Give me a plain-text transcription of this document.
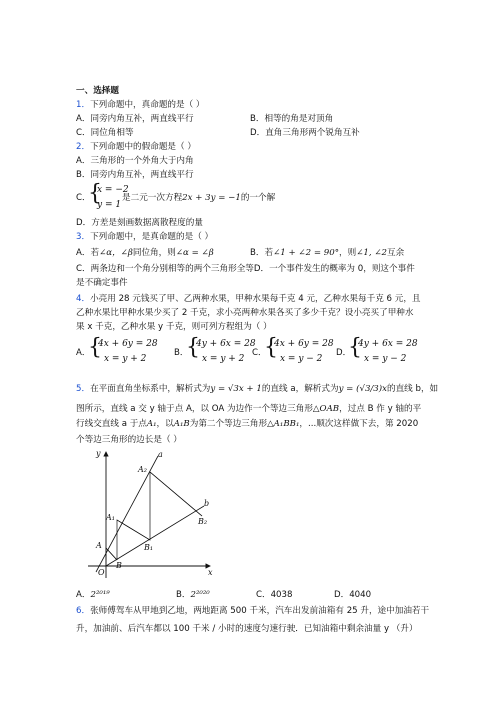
一、选择题
1．下列命题中，真命题的是（ ）
A．同旁内角互补，两直线平行	B．相等的角是对顶角
C．同位角相等	D．直角三角形两个锐角互补
2．下列命题中的假命题是（ ）
A．三角形的一个外角大于内角
B．同旁内角互补，两直线平行
C．
{
x = −2
y = 1
是二元一次方程2x + 3y = −1的一个解
D．方差是刻画数据离散程度的量
3．下列命题中，是真命题的是（ ）
A．若∠α，∠β同位角，则∠α = ∠β	B．若∠1 + ∠2 = 90°，则∠1, ∠2互余
C．两条边和一个角分别相等的两个三角形全等D．一个事件发生的概率为 0，则这个事件
是不确定事件
4．小亮用 28 元钱买了甲、乙两种水果，甲种水果每千克 4 元，乙种水果每千克 6 元，且
乙种水果比甲种水果少买了 2 千克，求小亮两种水果各买了多少千克？设小亮买了甲种水
果 x 千克，乙种水果 y 千克，则可列方程组为（ ）
A．
{
4x + 6y = 28
x = y + 2
B．
{
4y + 6x = 28
x = y + 2
C．
{
4x + 6y = 28
x = y − 2
D．
{
4y + 6x = 28
x = y − 2
5．在平面直角坐标系中，解析式为y = √3x + 1的直线 a，解析式为y = (√3/3)x的直线 b，如
图所示，直线 a 交 y 轴于点 A，以 OA 为边作一个等边三角形△OAB，过点 B 作 y 轴的平
行线交直线 a 于点A₁，以A₁B为第二个等边三角形△A₁BB₁，...顺次这样做下去，第 2020
个等边三角形的边长是（ ）
y
x
O
A
B
A₁
B₁
A₂
B₂
a
b
A．2²⁰¹⁹	B．2²⁰²⁰	C．4038	D．4040
6．张师傅驾车从甲地到乙地，两地距离 500 千米，汽车出发前油箱有 25 升，途中加油若干
升，加油前、后汽车都以 100 千米 / 小时的速度匀速行驶．已知油箱中剩余油量 y （升）
